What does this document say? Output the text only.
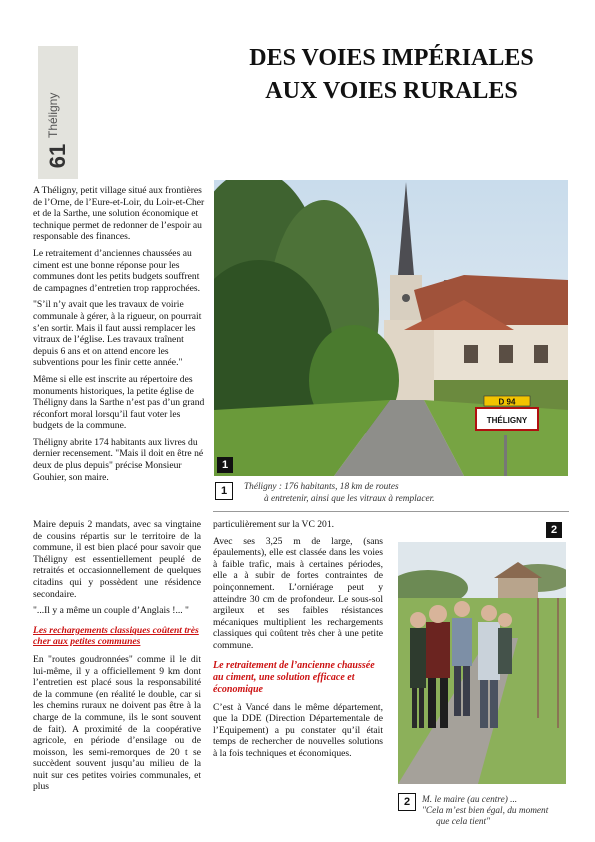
Théligny
61
DES VOIES IMPÉRIALES
AUX VOIES RURALES

A Théligny, petit village situé aux frontières de l’Orne, de l’Eure-et-Loir, du Loir-et-Cher et de la Sarthe, une solution économique et technique permet de redonner de l’espoir au responsable des finances.

Le retraitement d’anciennes chaussées au ciment est une bonne réponse pour les communes dont les petits budgets souffrent de campagnes d’entretien trop rapprochées.

"S’il n’y avait que les travaux de voirie communale à gérer, à la rigueur, on pourrait s’en sortir. Mais il faut aussi remplacer les vitraux de l’église. Les travaux traînent depuis 6 ans et on attend encore les subventions pour les finir cette année."

Même si elle est inscrite au répertoire des monuments historiques, la petite église de Théligny dans la Sarthe n’est pas d’un grand réconfort moral lorsqu’il faut voter les budgets de la commune.

Théligny abrite 174 habitants aux livres du dernier recensement. "Mais il doit en être né deux de plus depuis" précise Monsieur Gouhier, son maire.

D 94
THÉLIGNY
1
1	Théligny : 176 habitants, 18 km de routes
à entretenir, ainsi que les vitraux à remplacer.

Maire depuis 2 mandats, avec sa vingtaine de cousins répartis sur le territoire de la commune, il est bien placé pour savoir que Théligny est essentiellement peuplé de retraités et occasionnellement de quelques citadins qui y possèdent une résidence secondaire.

"...Il y a même un couple d’Anglais !... "

Les rechargements classiques coûtent très cher aux petites communes

En "routes goudronnées" comme il le dit lui-même, il y a officiellement 9 km dont l’entretien est placé sous la responsabilité de la commune (en réalité le double, car si les chemins ruraux ne doivent pas être à la charge de la commune, ils le sont souvent de fait). A proximité de la coopérative agricole, en période d’ensilage ou de moisson, les semi-remorques de 20 t se succèdent souvent jusqu’au milieu de la nuit sur ces petites voiries communales, et plus

particulièrement sur la VC 201.

Avec ses 3,25 m de large, (sans épaulements), elle est classée dans les voies à faible trafic, mais à certaines périodes, elle a à subir de fortes contraintes de poinçonnement. L’orniérage peut y atteindre 30 cm de profondeur. Le sous-sol argileux et ses faibles résistances mécaniques multiplient les rechargements classiques qui coûtent très cher à une petite commune.

Le retraitement de l’ancienne chaussée au ciment, une solution efficace et économique

C’est à Vancé dans le même département, que la DDE (Direction Départementale de l’Equipement) a pu constater qu’il était temps de rechercher de nouvelles solutions à la fois techniques et économiques.

2
2	M. le maire (au centre) ...
"Cela m’est bien égal, du moment
que cela tient"
